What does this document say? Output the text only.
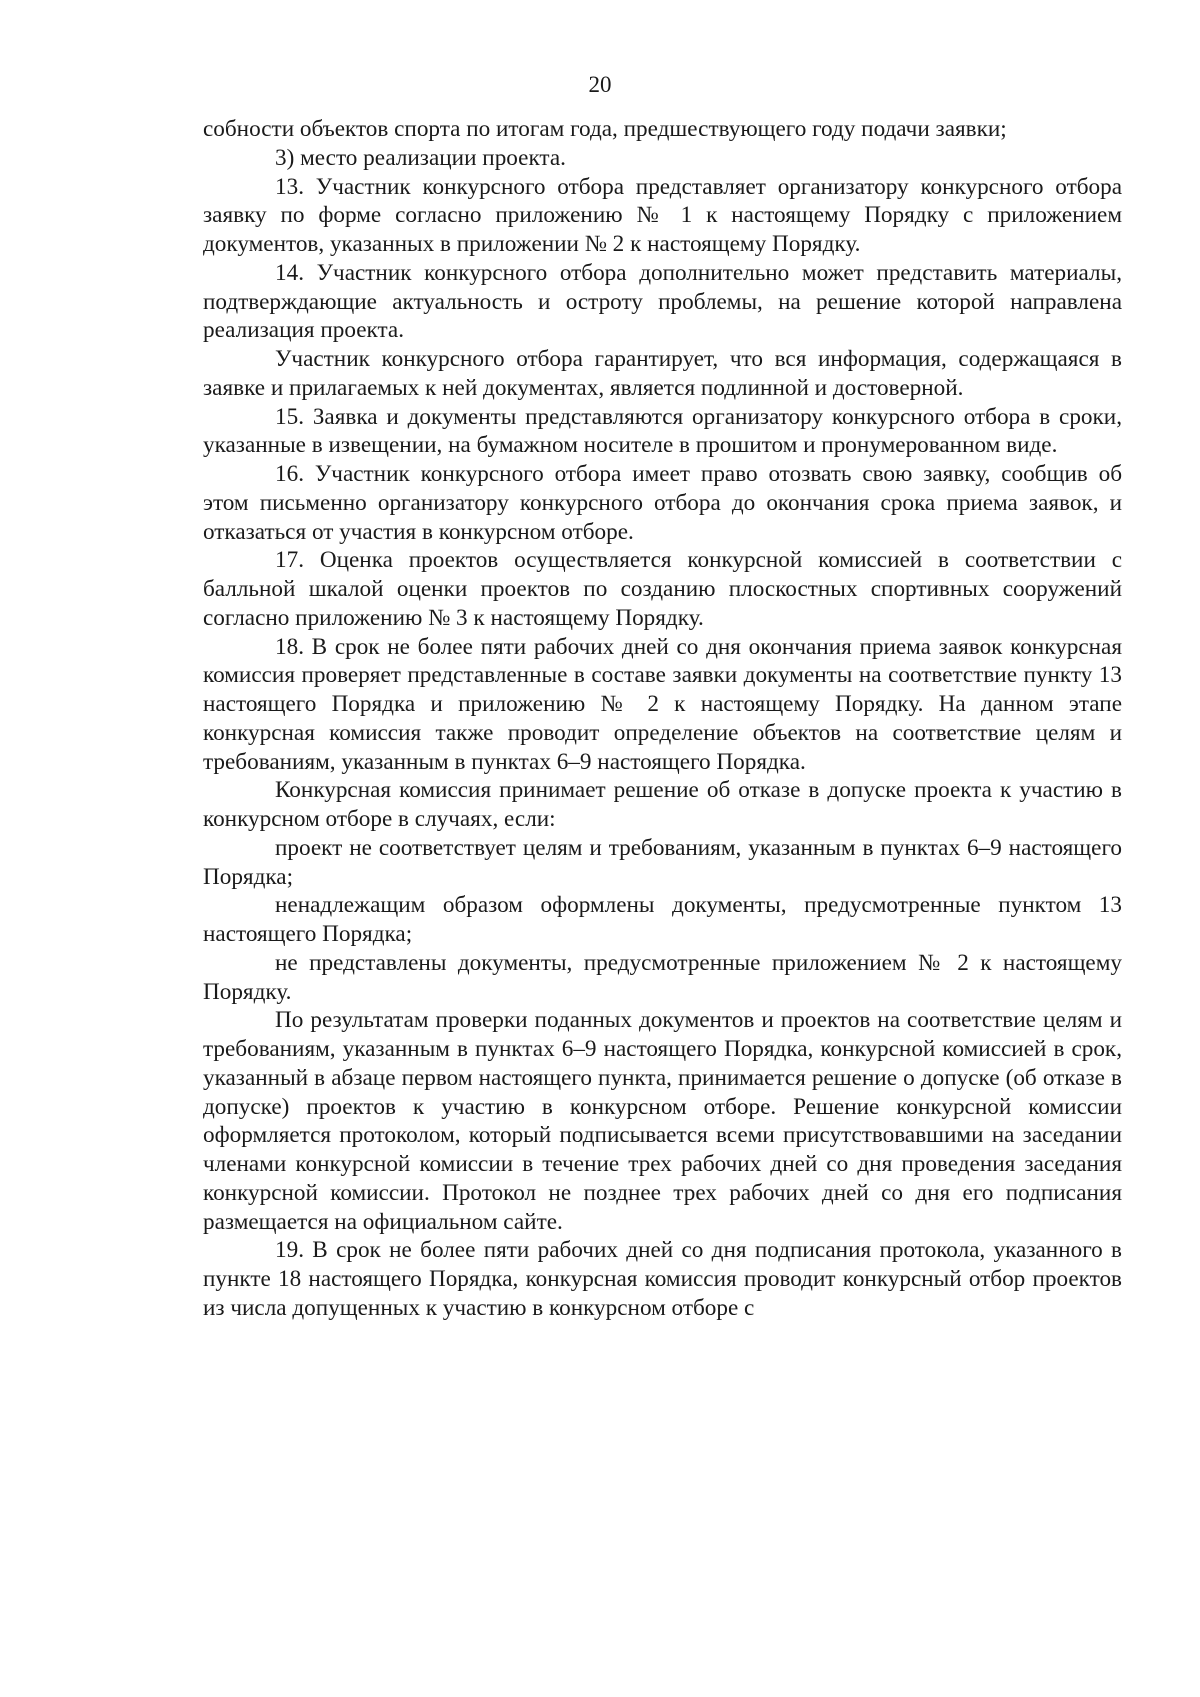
20

собности объектов спорта по итогам года, предшествующего году подачи заявки;

3) место реализации проекта.

13. Участник конкурсного отбора представляет организатору конкурсного отбора заявку по форме согласно приложению № 1 к настоящему Порядку с приложением документов, указанных в приложении № 2 к настоящему Порядку.

14. Участник конкурсного отбора дополнительно может представить материалы, подтверждающие актуальность и остроту проблемы, на решение которой направлена реализация проекта.

Участник конкурсного отбора гарантирует, что вся информация, содержащаяся в заявке и прилагаемых к ней документах, является подлинной и достоверной.

15. Заявка и документы представляются организатору конкурсного отбора в сроки, указанные в извещении, на бумажном носителе в прошитом и пронумерованном виде.

16. Участник конкурсного отбора имеет право отозвать свою заявку, сообщив об этом письменно организатору конкурсного отбора до окончания срока приема заявок, и отказаться от участия в конкурсном отборе.

17. Оценка проектов осуществляется конкурсной комиссией в соответствии с балльной шкалой оценки проектов по созданию плоскостных спортивных сооружений согласно приложению № 3 к настоящему Порядку.

18. В срок не более пяти рабочих дней со дня окончания приема заявок конкурсная комиссия проверяет представленные в составе заявки документы на соответствие пункту 13 настоящего Порядка и приложению № 2 к настоящему Порядку. На данном этапе конкурсная комиссия также проводит определение объектов на соответствие целям и требованиям, указанным в пунктах 6–9 настоящего Порядка.

Конкурсная комиссия принимает решение об отказе в допуске проекта к участию в конкурсном отборе в случаях, если:

проект не соответствует целям и требованиям, указанным в пунктах 6–9 настоящего Порядка;

ненадлежащим образом оформлены документы, предусмотренные пунктом 13 настоящего Порядка;

не представлены документы, предусмотренные приложением № 2 к настоящему Порядку.

По результатам проверки поданных документов и проектов на соответствие целям и требованиям, указанным в пунктах 6–9 настоящего Порядка, конкурсной комиссией в срок, указанный в абзаце первом настоящего пункта, принимается решение о допуске (об отказе в допуске) проектов к участию в конкурсном отборе. Решение конкурсной комиссии оформляется протоколом, который подписывается всеми присутствовавшими на заседании членами конкурсной комиссии в течение трех рабочих дней со дня проведения заседания конкурсной комиссии. Протокол не позднее трех рабочих дней со дня его подписания размещается на официальном сайте.

19. В срок не более пяти рабочих дней со дня подписания протокола, указанного в пункте 18 настоящего Порядка, конкурсная комиссия проводит конкурсный отбор проектов из числа допущенных к участию в конкурсном отборе с
